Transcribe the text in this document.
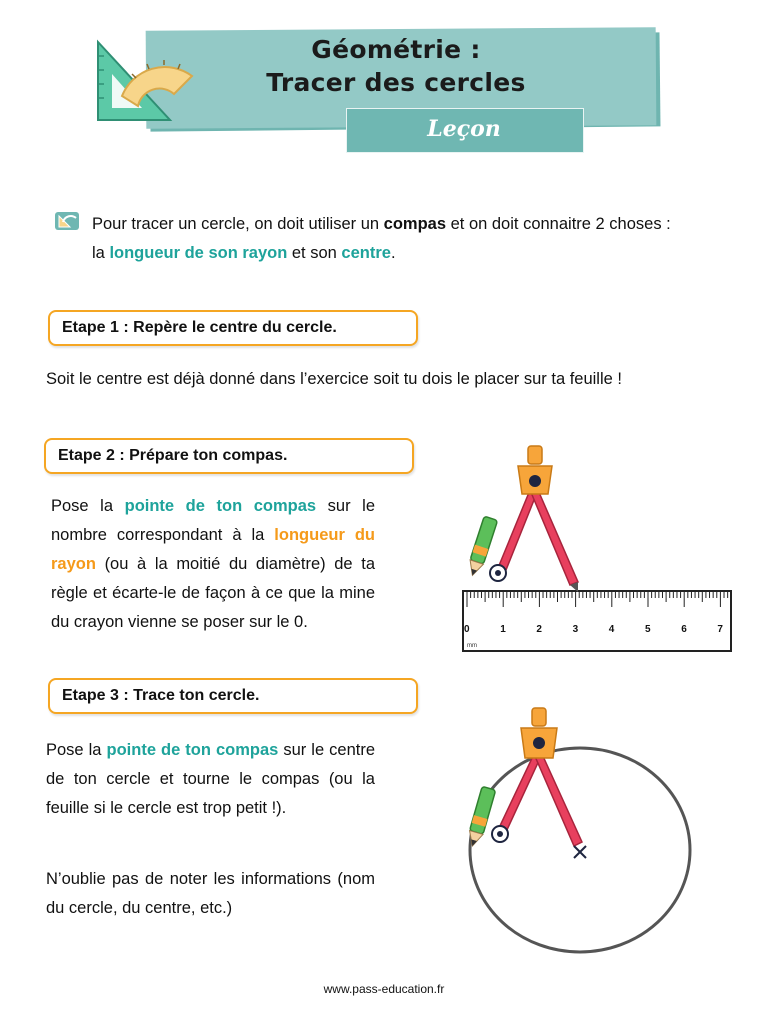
Géométrie :
Tracer des cercles
Leçon
Pour tracer un cercle, on doit utiliser un compas et on doit connaitre 2 choses : la longueur de son rayon et son centre.
Etape 1 : Repère le centre du cercle.
Soit le centre est déjà donné dans l’exercice soit tu dois le placer sur ta feuille !
Etape 2 : Prépare ton compas.
Pose la pointe de ton compas sur le nombre correspondant à la longueur du rayon (ou à la moitié du diamètre) de ta règle et écarte-le de façon à ce que la mine du crayon vienne se poser sur le 0.	0	1	2	3	4	5	6	7
mm
Etape 3 : Trace ton cercle.
Pose la pointe de ton compas sur le centre de ton cercle et tourne le compas (ou la feuille si le cercle est trop petit !).
N’oublie pas de noter les informations (nom du cercle, du centre, etc.)
www.pass-education.fr
